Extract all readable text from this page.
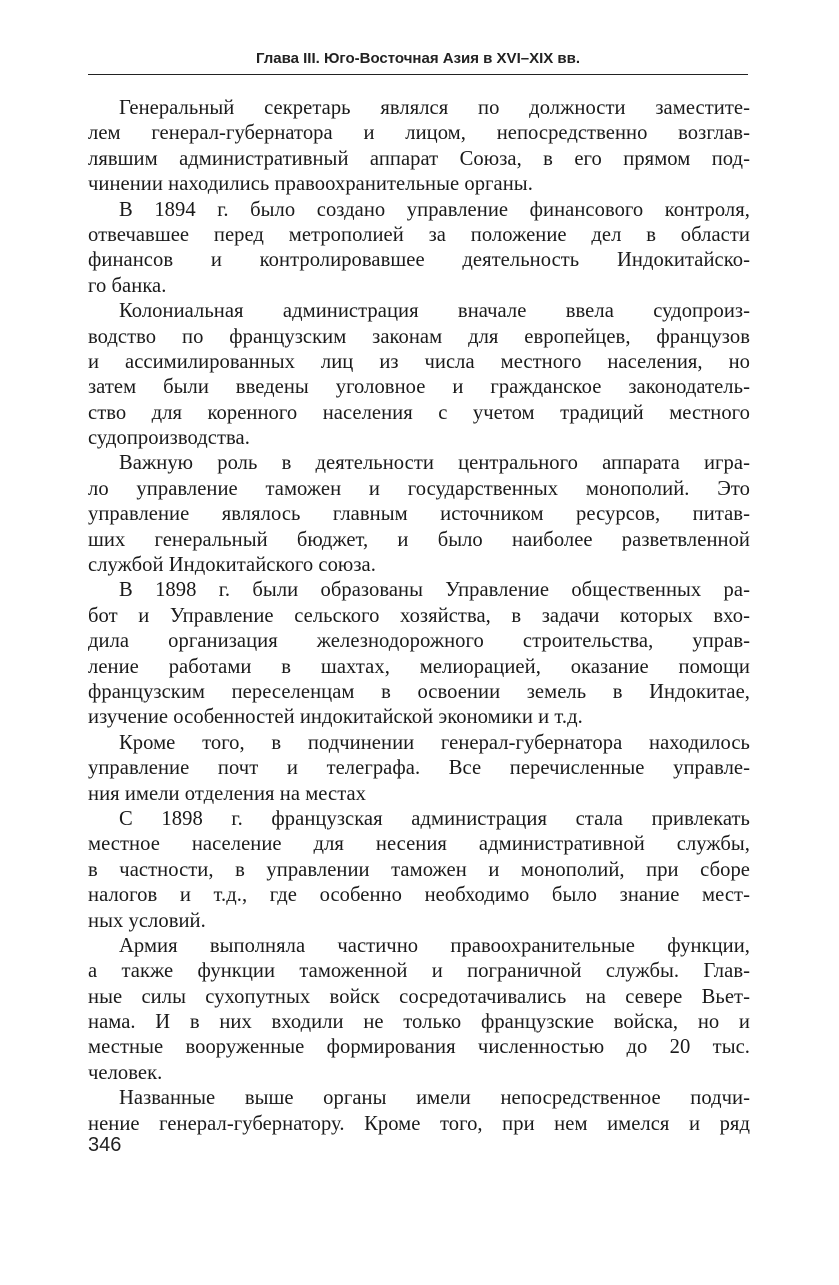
Глава III. Юго-Восточная Азия в XVI–XIX вв.
Генеральный секретарь являлся по должности заместите-
лем генерал-губернатора и лицом, непосредственно возглав-
лявшим административный аппарат Союза, в его прямом под-
чинении находились правоохранительные органы.
В 1894 г. было создано управление финансового контроля,
отвечавшее перед метрополией за положение дел в области
финансов и контролировавшее деятельность Индокитайско-
го банка.
Колониальная администрация вначале ввела судопроиз-
водство по французским законам для европейцев, французов
и ассимилированных лиц из числа местного населения, но
затем были введены уголовное и гражданское законодатель-
ство для коренного населения с учетом традиций местного
судопроизводства.
Важную роль в деятельности центрального аппарата игра-
ло управление таможен и государственных монополий. Это
управление являлось главным источником ресурсов, питав-
ших генеральный бюджет, и было наиболее разветвленной
службой Индокитайского союза.
В 1898 г. были образованы Управление общественных ра-
бот и Управление сельского хозяйства, в задачи которых вхо-
дила организация железнодорожного строительства, управ-
ление работами в шахтах, мелиорацией, оказание помощи
французским переселенцам в освоении земель в Индокитае,
изучение особенностей индокитайской экономики и т.д.
Кроме того, в подчинении генерал-губернатора находилось
управление почт и телеграфа. Все перечисленные управле-
ния имели отделения на местах
С 1898 г. французская администрация стала привлекать
местное население для несения административной службы,
в частности, в управлении таможен и монополий, при сборе
налогов и т.д., где особенно необходимо было знание мест-
ных условий.
Армия выполняла частично правоохранительные функции,
а также функции таможенной и пограничной службы. Глав-
ные силы сухопутных войск сосредотачивались на севере Вьет-
нама. И в них входили не только французские войска, но и
местные вооруженные формирования численностью до 20 тыс.
человек.
Названные выше органы имели непосредственное подчи-
нение генерал-губернатору. Кроме того, при нем имелся и ряд
346
